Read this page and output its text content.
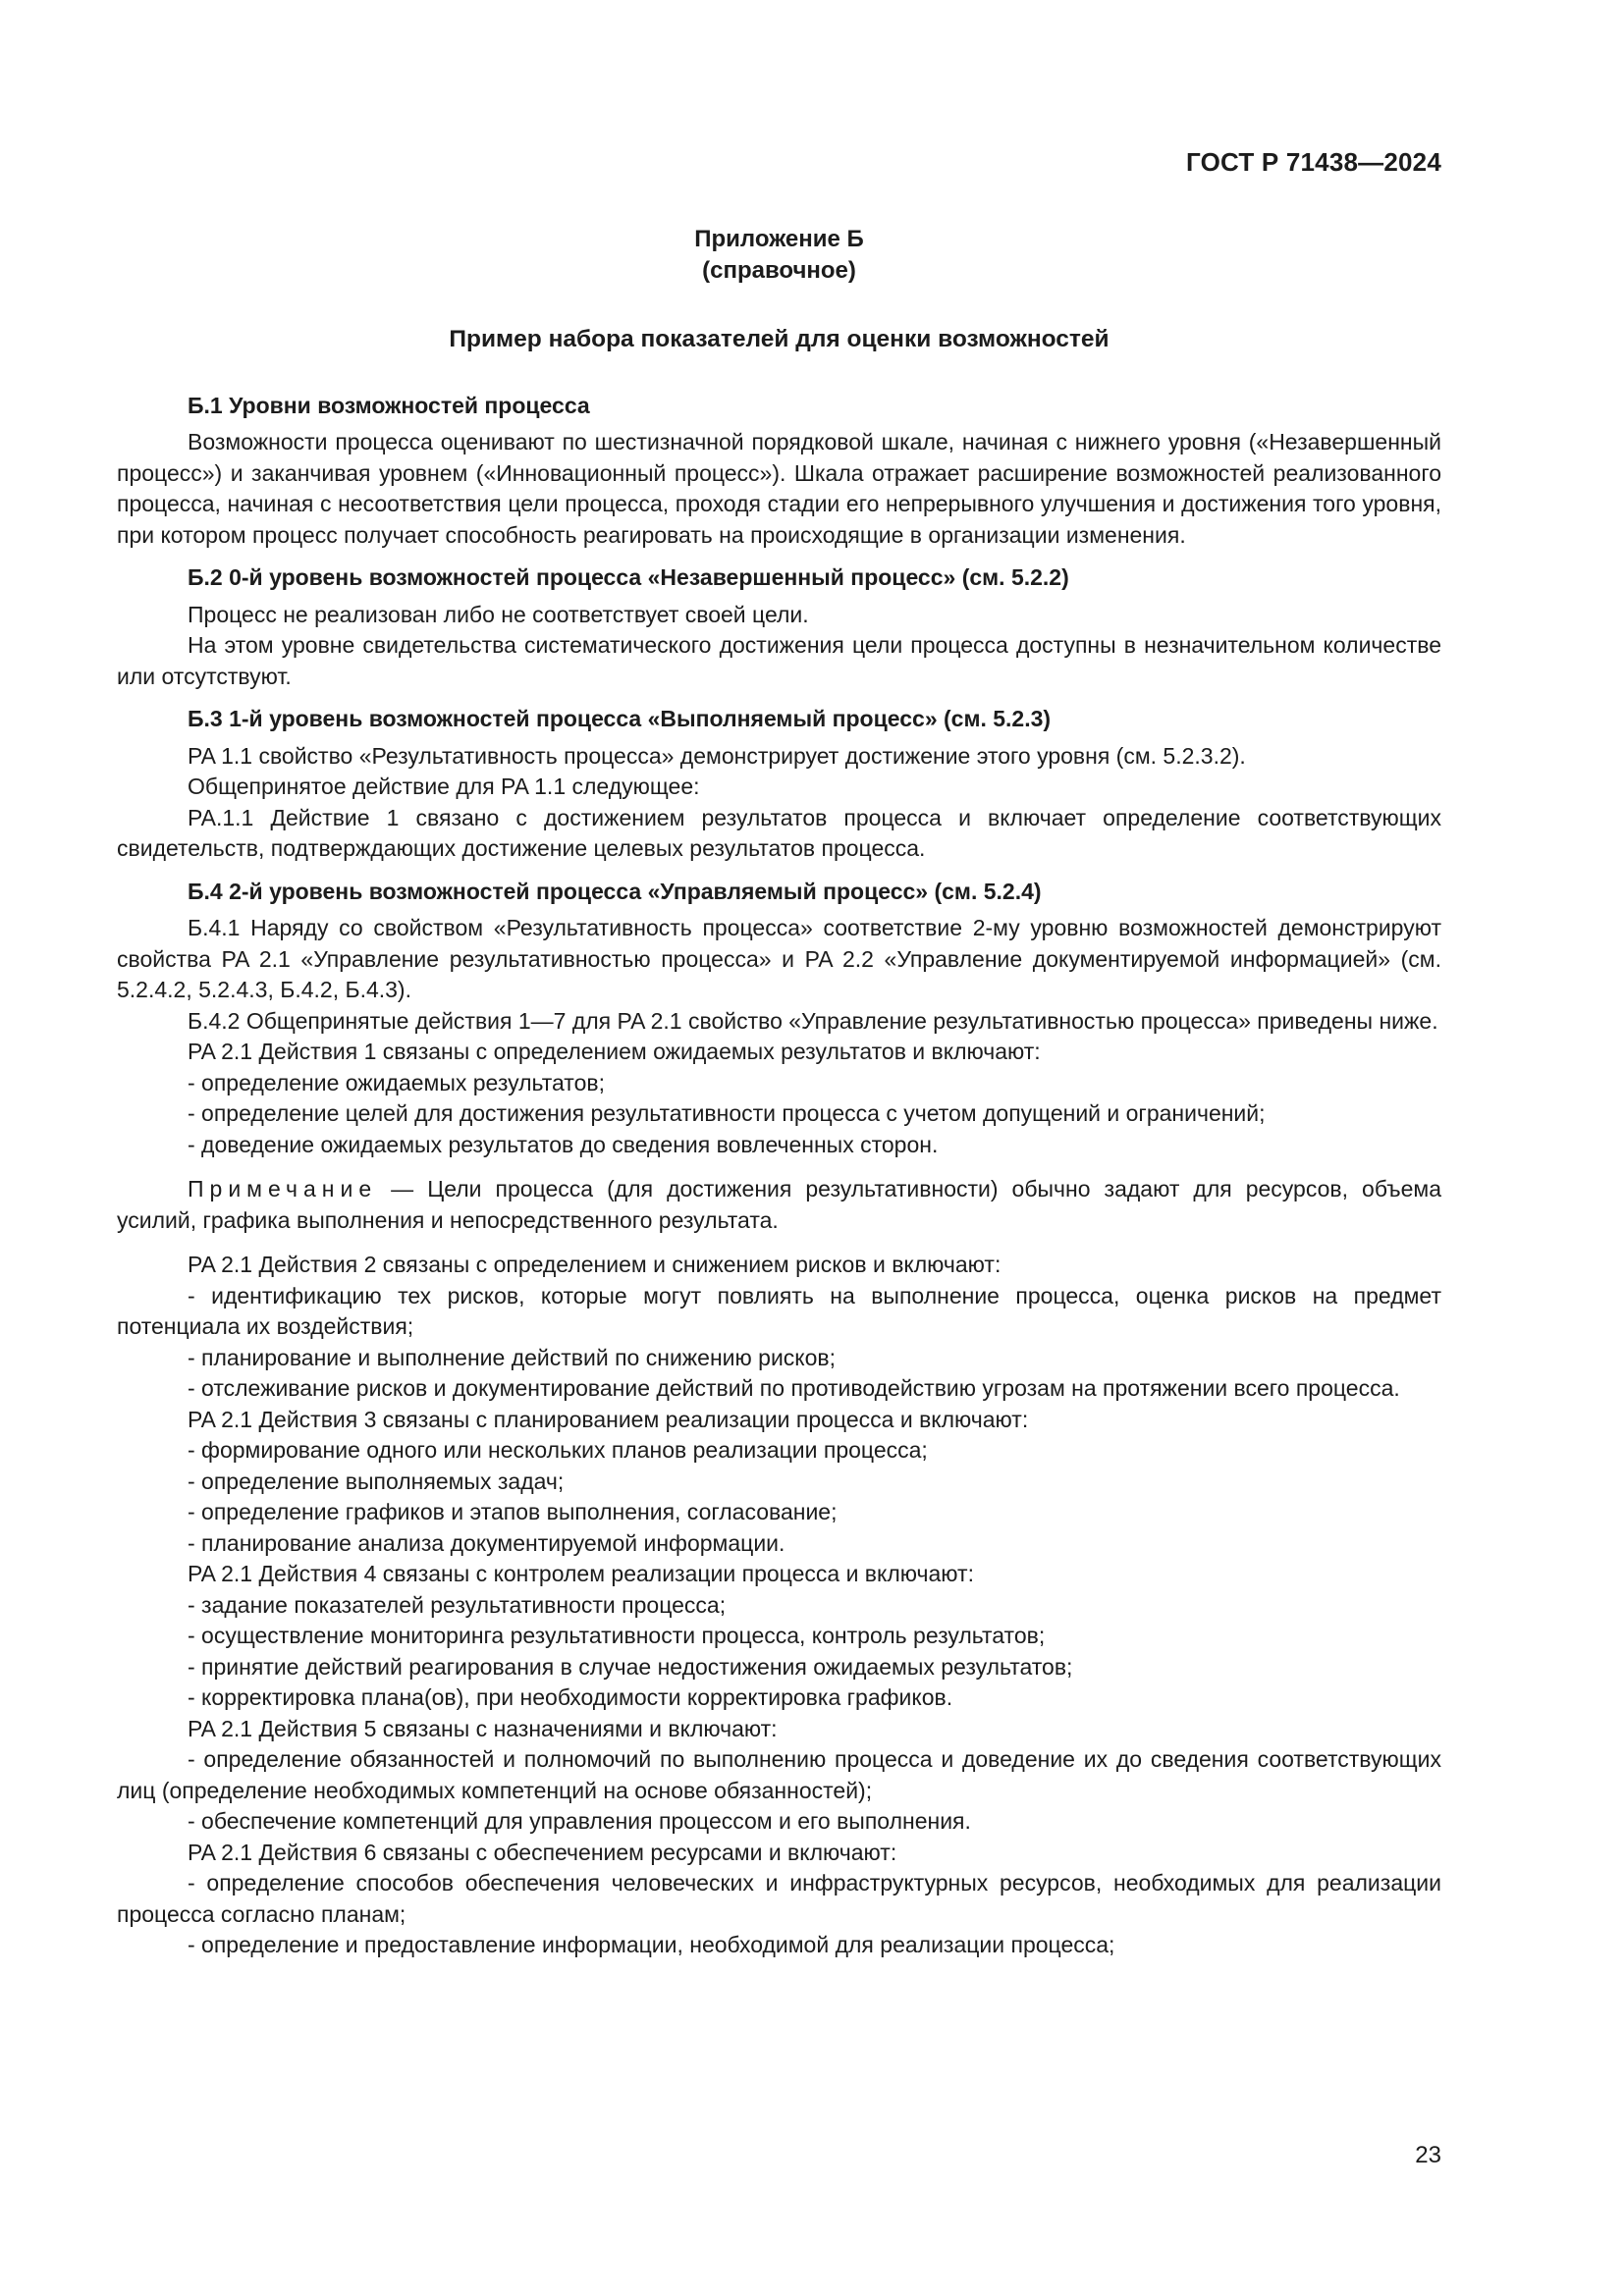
ГОСТ Р 71438—2024
Приложение Б
(справочное)
Пример набора показателей для оценки возможностей
Б.1 Уровни возможностей процесса

Возможности процесса оценивают по шестизначной порядковой шкале, начиная с нижнего уровня («Незавершенный процесс») и заканчивая уровнем («Инновационный процесс»). Шкала отражает расширение возможностей реализованного процесса, начиная с несоответствия цели процесса, проходя стадии его непрерывного улучшения и достижения того уровня, при котором процесс получает способность реагировать на происходящие в организации изменения.

Б.2 0-й уровень возможностей процесса «Незавершенный процесс» (см. 5.2.2)

Процесс не реализован либо не соответствует своей цели.

На этом уровне свидетельства систематического достижения цели процесса доступны в незначительном количестве или отсутствуют.

Б.3 1-й уровень возможностей процесса «Выполняемый процесс» (см. 5.2.3)

PA 1.1 свойство «Результативность процесса» демонстрирует достижение этого уровня (см. 5.2.3.2).

Общепринятое действие для PA 1.1 следующее:

PA.1.1 Действие 1 связано с достижением результатов процесса и включает определение соответствующих свидетельств, подтверждающих достижение целевых результатов процесса.

Б.4 2-й уровень возможностей процесса «Управляемый процесс» (см. 5.2.4)

Б.4.1 Наряду со свойством «Результативность процесса» соответствие 2-му уровню возможностей демонстрируют свойства PA 2.1 «Управление результативностью процесса» и PA 2.2 «Управление документируемой информацией» (см. 5.2.4.2, 5.2.4.3, Б.4.2, Б.4.3).

Б.4.2 Общепринятые действия 1—7 для PA 2.1 свойство «Управление результативностью процесса» приведены ниже.

PA 2.1 Действия 1 связаны с определением ожидаемых результатов и включают:

- определение ожидаемых результатов;

- определение целей для достижения результативности процесса с учетом допущений и ограничений;

- доведение ожидаемых результатов до сведения вовлеченных сторон.

Примечание — Цели процесса (для достижения результативности) обычно задают для ресурсов, объема усилий, графика выполнения и непосредственного результата.

PA 2.1 Действия 2 связаны с определением и снижением рисков и включают:

- идентификацию тех рисков, которые могут повлиять на выполнение процесса, оценка рисков на предмет потенциала их воздействия;

- планирование и выполнение действий по снижению рисков;

- отслеживание рисков и документирование действий по противодействию угрозам на протяжении всего процесса.

PA 2.1 Действия 3 связаны с планированием реализации процесса и включают:

- формирование одного или нескольких планов реализации процесса;

- определение выполняемых задач;

- определение графиков и этапов выполнения, согласование;

- планирование анализа документируемой информации.

PA 2.1 Действия 4 связаны с контролем реализации процесса и включают:

- задание показателей результативности процесса;

- осуществление мониторинга результативности процесса, контроль результатов;

- принятие действий реагирования в случае недостижения ожидаемых результатов;

- корректировка плана(ов), при необходимости корректировка графиков.

PA 2.1 Действия 5 связаны с назначениями и включают:

- определение обязанностей и полномочий по выполнению процесса и доведение их до сведения соответствующих лиц (определение необходимых компетенций на основе обязанностей);

- обеспечение компетенций для управления процессом и его выполнения.

PA 2.1 Действия 6 связаны с обеспечением ресурсами и включают:

- определение способов обеспечения человеческих и инфраструктурных ресурсов, необходимых для реализации процесса согласно планам;

- определение и предоставление информации, необходимой для реализации процесса;

23
